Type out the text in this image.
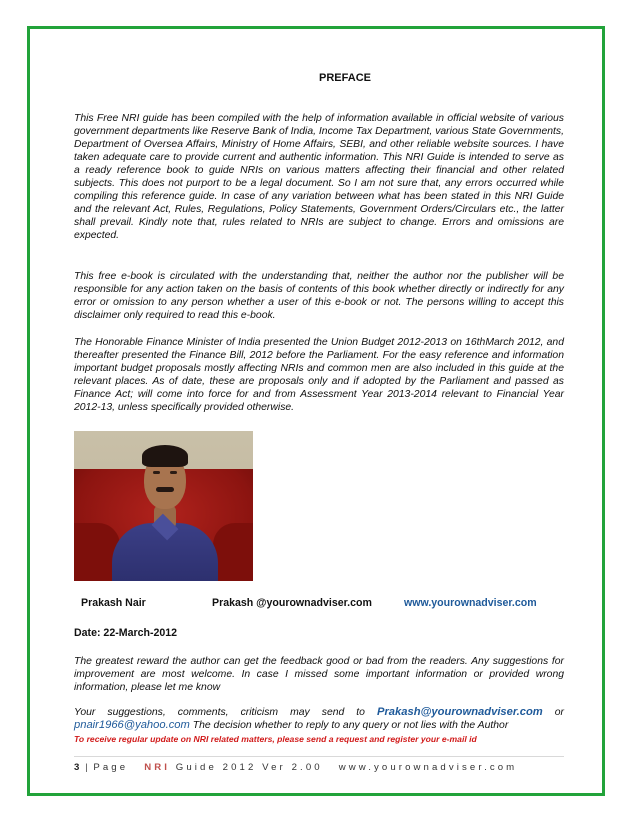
PREFACE

This Free NRI guide has been compiled with the help of information available in official website of various government departments like Reserve Bank of India, Income Tax Department, various State Governments, Department of Oversea Affairs, Ministry of Home Affairs, SEBI, and other reliable website sources. I have taken adequate care to provide current and authentic information. This NRI Guide is intended to serve as a ready reference book to guide NRIs on various matters affecting their financial and other related subjects. This does not purport to be a legal document. So I am not sure that, any errors occurred while compiling this reference guide. In case of any variation between what has been stated in this NRI Guide and the relevant Act, Rules, Regulations, Policy Statements, Government Orders/Circulars etc., the latter shall prevail. Kindly note that, rules related to NRIs are subject to change. Errors and omissions are expected.

This free e-book is circulated with the understanding that, neither the author nor the publisher will be responsible for any action taken on the basis of contents of this book whether directly or indirectly for any error or omission to any person whether a user of this e-book or not. The persons willing to accept this disclaimer only required to read this e-book.

The Honorable Finance Minister of India presented the Union Budget 2012-2013 on 16thMarch 2012, and thereafter presented the Finance Bill, 2012 before the Parliament. For the easy reference and information important budget proposals mostly affecting NRIs and common men are also included in this guide at the relevant places. As of date, these are proposals only and if adopted by the Parliament and passed as Finance Act; will come into force for and from Assessment Year 2013-2014 relevant to Financial Year 2012-13, unless specifically provided otherwise.

Prakash Nair	Prakash @yourownadviser.com	www.yourownadviser.com
Date: 22-March-2012

The greatest reward the author can get the feedback good or bad from the readers. Any suggestions for improvement are most welcome. In case I missed some important information or provided wrong information, please let me know

Your suggestions, comments, criticism may send to Prakash@yourownadviser.com or pnair1966@yahoo.com The decision whether to reply to any query or not lies with the Author

To receive regular update on NRI related matters, please send a request and register your e-mail id
3 | Page NRI Guide 2012 Ver 2.00 www.yourownadviser.com
